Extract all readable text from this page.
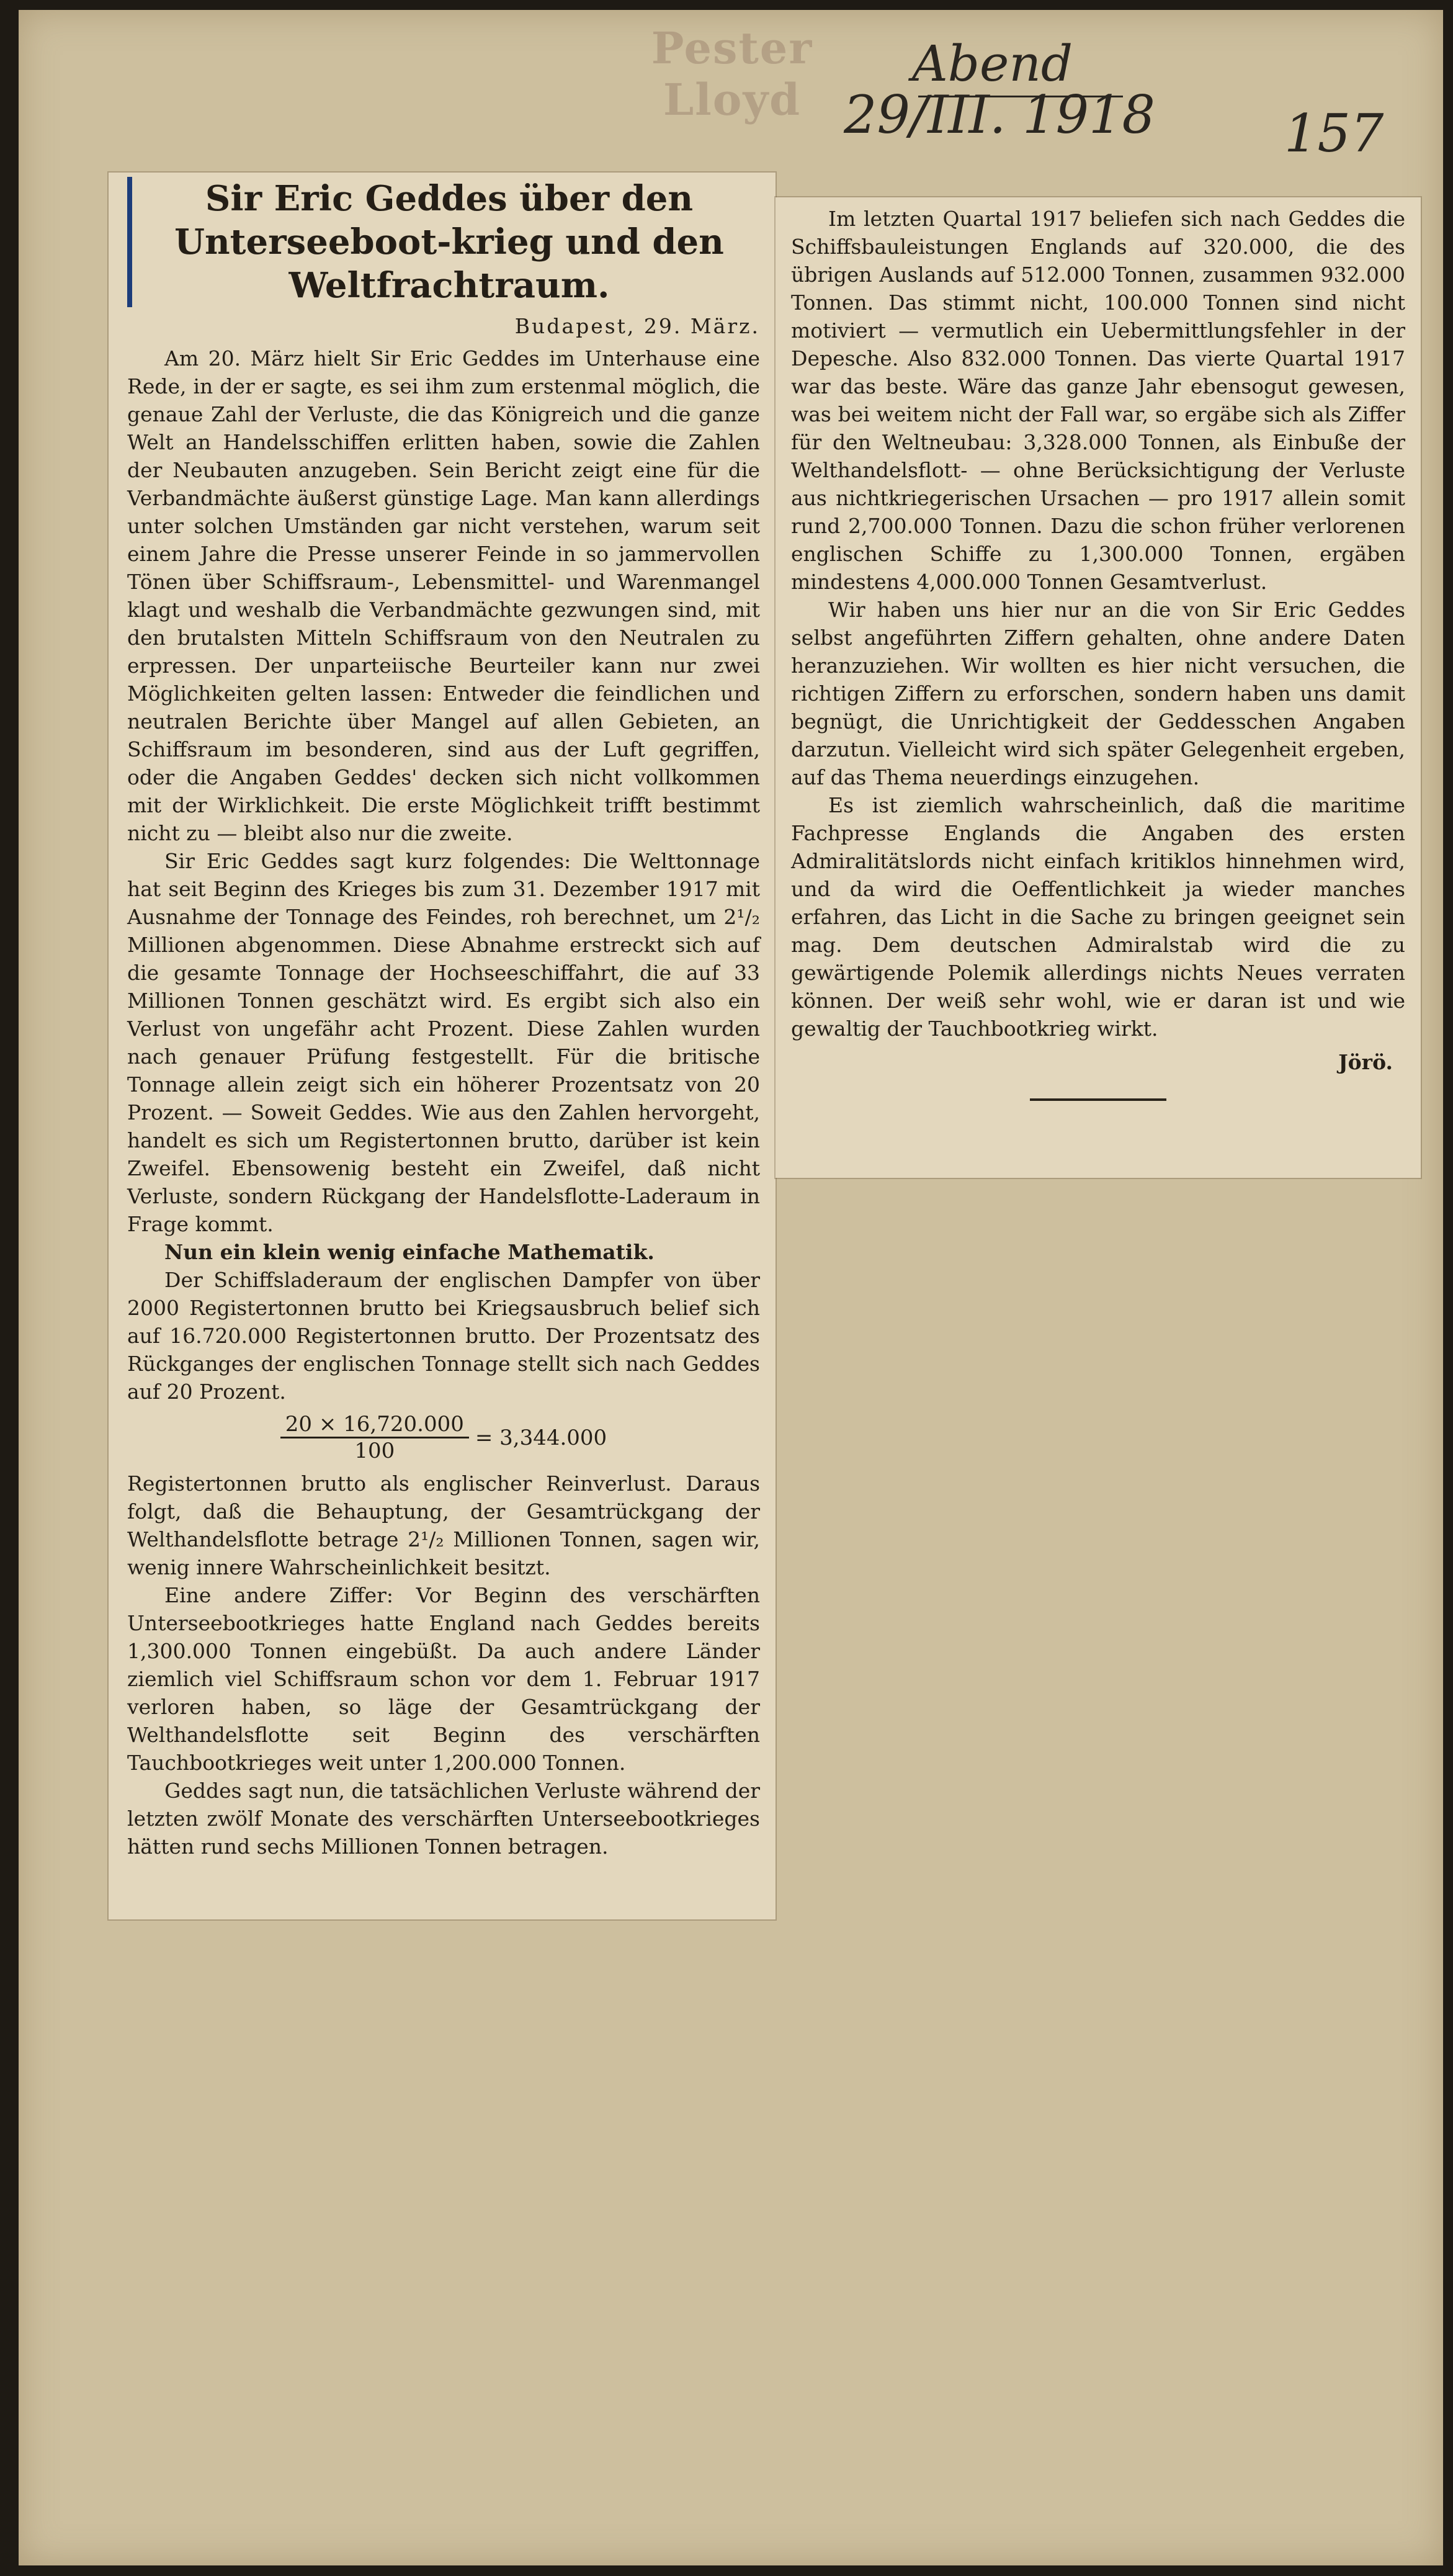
Pester Lloyd
Abend
29/III. 1918 157
Sir Eric Geddes über den Unterseeboot-krieg und den Weltfrachtraum.
Budapest, 29. März.

Am 20. März hielt Sir Eric Geddes im Unterhause eine Rede, in der er sagte, es sei ihm zum erstenmal möglich, die genaue Zahl der Verluste, die das Königreich und die ganze Welt an Handelsschiffen erlitten haben, sowie die Zahlen der Neubauten anzugeben. Sein Bericht zeigt eine für die Verbandmächte äußerst günstige Lage. Man kann allerdings unter solchen Umständen gar nicht verstehen, warum seit einem Jahre die Presse unserer Feinde in so jammervollen Tönen über Schiffsraum-, Lebensmittel- und Warenmangel klagt und weshalb die Verbandmächte gezwungen sind, mit den brutalsten Mitteln Schiffsraum von den Neutralen zu erpressen. Der unparteiische Beurteiler kann nur zwei Möglichkeiten gelten lassen: Entweder die feindlichen und neutralen Berichte über Mangel auf allen Gebieten, an Schiffsraum im besonderen, sind aus der Luft gegriffen, oder die Angaben Geddes' decken sich nicht vollkommen mit der Wirklichkeit. Die erste Möglichkeit trifft bestimmt nicht zu — bleibt also nur die zweite.

Sir Eric Geddes sagt kurz folgendes: Die Welttonnage hat seit Beginn des Krieges bis zum 31. Dezember 1917 mit Ausnahme der Tonnage des Feindes, roh berechnet, um 2¹/₂ Millionen abgenommen. Diese Abnahme erstreckt sich auf die gesamte Tonnage der Hochseeschiffahrt, die auf 33 Millionen Tonnen geschätzt wird. Es ergibt sich also ein Verlust von ungefähr acht Prozent. Diese Zahlen wurden nach genauer Prüfung festgestellt. Für die britische Tonnage allein zeigt sich ein höherer Prozentsatz von 20 Prozent. — Soweit Geddes. Wie aus den Zahlen hervorgeht, handelt es sich um Registertonnen brutto, darüber ist kein Zweifel. Ebensowenig besteht ein Zweifel, daß nicht Verluste, sondern Rückgang der Handelsflotte-Laderaum in Frage kommt.

Nun ein klein wenig einfache Mathematik.

Der Schiffsladeraum der englischen Dampfer von über 2000 Registertonnen brutto bei Kriegsausbruch belief sich auf 16.720.000 Registertonnen brutto. Der Prozentsatz des Rückganges der englischen Tonnage stellt sich nach Geddes auf 20 Prozent.

$\frac{20 \times 16,720.000}{100} = 3,344.000$

Registertonnen brutto als englischer Reinverlust. Daraus folgt, daß die Behauptung, der Gesamtrückgang der Welthandelsflotte betrage 2¹/₂ Millionen Tonnen, sagen wir, wenig innere Wahrscheinlichkeit besitzt.

Eine andere Ziffer: Vor Beginn des verschärften Unterseebootkrieges hatte England nach Geddes bereits 1,300.000 Tonnen eingebüßt. Da auch andere Länder ziemlich viel Schiffsraum schon vor dem 1. Februar 1917 verloren haben, so läge der Gesamtrückgang der Welthandelsflotte seit Beginn des verschärften Tauchbootkrieges weit unter 1,200.000 Tonnen.

Geddes sagt nun, die tatsächlichen Verluste während der letzten zwölf Monate des verschärften Unterseebootkrieges hätten rund sechs Millionen Tonnen betragen.

Im letzten Quartal 1917 beliefen sich nach Geddes die Schiffsbauleistungen Englands auf 320.000, die des übrigen Auslands auf 512.000 Tonnen, zusammen 932.000 Tonnen. Das stimmt nicht, 100.000 Tonnen sind nicht motiviert — vermutlich ein Uebermittlungsfehler in der Depesche. Also 832.000 Tonnen. Das vierte Quartal 1917 war das beste. Wäre das ganze Jahr ebensogut gewesen, was bei weitem nicht der Fall war, so ergäbe sich als Ziffer für den Weltneubau: 3,328.000 Tonnen, als Einbuße der Welthandelsflott- — ohne Berücksichtigung der Verluste aus nichtkriegerischen Ursachen — pro 1917 allein somit rund 2,700.000 Tonnen. Dazu die schon früher verlorenen englischen Schiffe zu 1,300.000 Tonnen, ergäben mindestens 4,000.000 Tonnen Gesamtverlust.

Wir haben uns hier nur an die von Sir Eric Geddes selbst angeführten Ziffern gehalten, ohne andere Daten heranzuziehen. Wir wollten es hier nicht versuchen, die richtigen Ziffern zu erforschen, sondern haben uns damit begnügt, die Unrichtigkeit der Geddesschen Angaben darzutun. Vielleicht wird sich später Gelegenheit ergeben, auf das Thema neuerdings einzugehen.

Es ist ziemlich wahrscheinlich, daß die maritime Fachpresse Englands die Angaben des ersten Admiralitätslords nicht einfach kritiklos hinnehmen wird, und da wird die Oeffentlichkeit ja wieder manches erfahren, das Licht in die Sache zu bringen geeignet sein mag. Dem deutschen Admiralstab wird die zu gewärtigende Polemik allerdings nichts Neues verraten können. Der weiß sehr wohl, wie er daran ist und wie gewaltig der Tauchbootkrieg wirkt.

Jörö.
